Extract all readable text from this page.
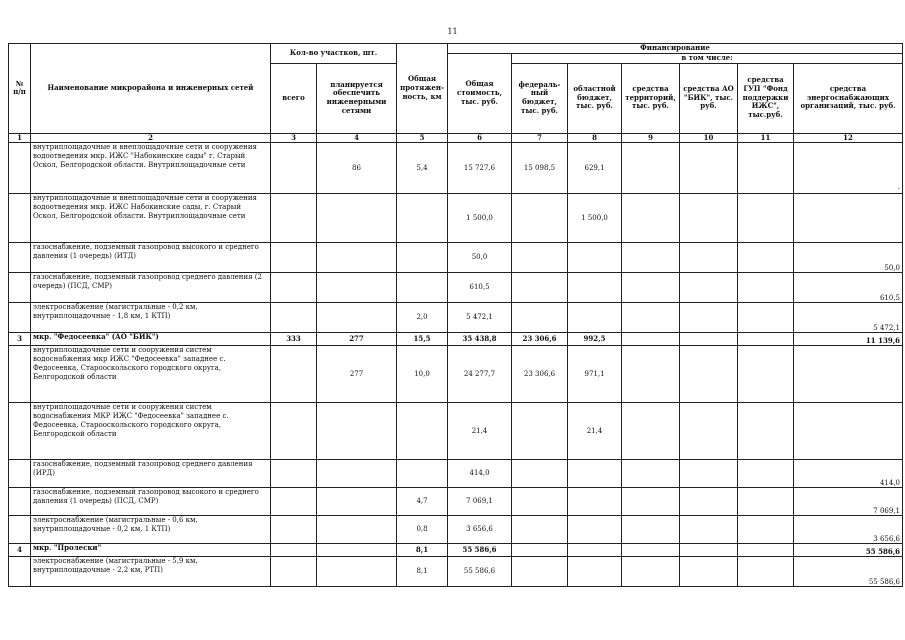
11
№ п/п	Наименование микрорайона и инженерных сетей	Кол-во участков, шт.		Общая протяжен-ность, км	Финансирование						
					Общая стоимость, тыс. руб.	в том числе:					
		всего	планируется обеспечить инженерными сетями			федераль-ный бюджет, тыс. руб.	областной бюджет, тыс. руб.	средства территорий, тыс. руб.	средства АО "БИК", тыс. руб.	средства ГУП "Фонд поддержки ИЖС", тыс.руб.	средства энергоснабжающих организаций, тыс. руб.
1	2	3	4	5	6	7	8	9	10	11	12
	внутриплощадочные и внеплощадочные сети и сооружения водоотведения мкр. ИЖС "Набокинские сады" г. Старый Оскол, Белгородской области. Внутриплощадочные сети		86	5,4	15 727,6	15 098,5	629,1				·
	внутриплощадочные и внеплощадочные сети и сооружения водоотведения мкр. ИЖС Набокинские сады, г. Старый Оскол, Белгородской области. Внутриплощадочные сети				1 500,0		1 500,0				
	газоснабжение, подземный газопровод высокого и среднего давления (1 очередь) (ИТД)				50,0						50,0
	газоснабжение, подземный газопровод среднего давления (2 очередь) (ПСД, СМР)				610,5						610,5
	электроснабжение (магистральные - 0,2 км, внутриплощадочные - 1,8 км, 1 КТП)			2,0	5 472,1						5 472,1
3	мкр. "Федосеевка" (АО "БИК")	333	277	15,5	35 438,8	23 306,6	992,5				11 139,6
	внутриплощадочные сети и сооружения систем водоснабжения мкр ИЖС "Федосеевка" западнее с. Федосеевка, Старооскольского городского округа, Белгородской области		277	10,0	24 277,7	23 306,6	971,1				
	внутриплощадочные сети и сооружения систем водоснабжения МКР ИЖС "Федосеевка" западнее с. Федосеевка, Старооскольского городского округа, Белгородской области				21,4		21,4				
	газоснабжение, подземный газопровод среднего давления (ИРД)				414,0						414,0
	газоснабжение, подземный газопровод высокого и среднего давления (1 очередь) (ПСД, СМР)			4,7	7 069,1						7 069,1
	электроснабжение (магистральные - 0,6 км, внутриплощадочные - 0,2 км, 1 КТП)			0,8	3 656,6						3 656,6
4	мкр. "Пролески"			8,1	55 586,6						55 586,6
	электроснабжение (магистральные - 5,9 км, внутриплощадочные - 2,2 км, РТП)			8,1	55 586,6						55 586,6
